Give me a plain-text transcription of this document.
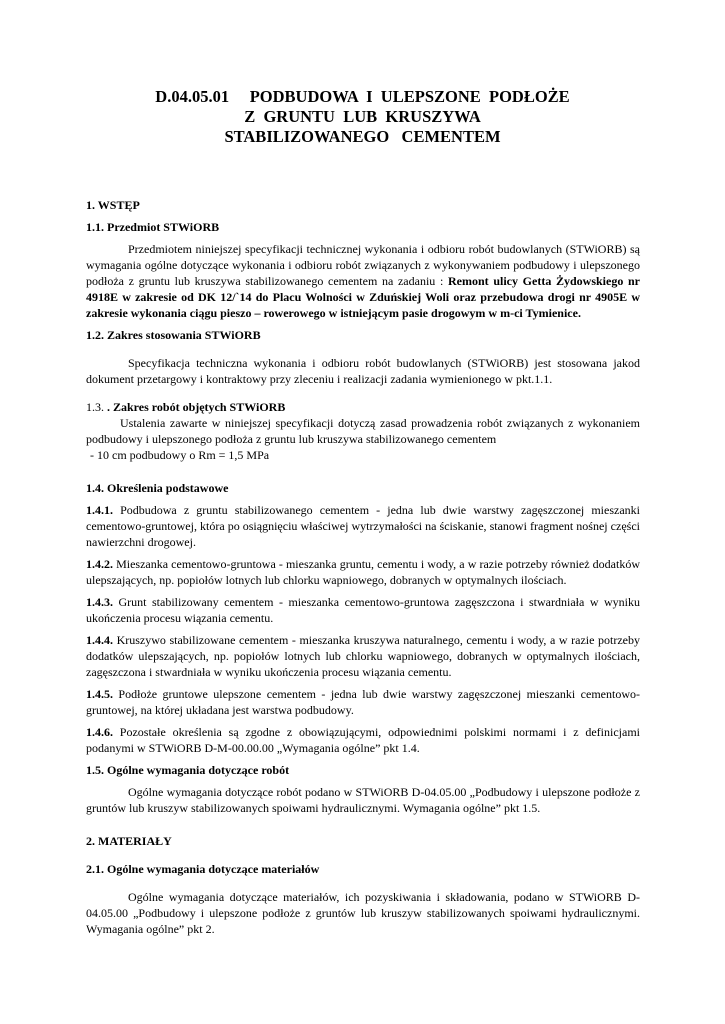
D.04.05.01     PODBUDOWA  I  ULEPSZONE  PODŁOŻE
Z  GRUNTU  LUB  KRUSZYWA
STABILIZOWANEGO   CEMENTEM

1. WSTĘP

1.1. Przedmiot STWiORB

Przedmiotem niniejszej specyfikacji technicznej wykonania i odbioru robót budowlanych (STWiORB) są wymagania ogólne dotyczące wykonania i odbioru robót związanych z wykonywaniem podbudowy i ulepszonego podłoża z gruntu lub kruszywa stabilizowanego cementem na zadaniu : Remont ulicy Getta Żydowskiego nr 4918E w zakresie od DK 12/`14 do Placu Wolności w Zduńskiej Woli oraz przebudowa drogi nr 4905E w zakresie wykonania ciągu pieszo – rowerowego w istniejącym pasie drogowym w m-ci Tymienice.

1.2. Zakres stosowania STWiORB

Specyfikacja techniczna wykonania i odbioru robót budowlanych (STWiORB) jest stosowana jakod dokument przetargowy i kontraktowy przy zleceniu i realizacji zadania wymienionego w pkt.1.1.

1.3. . Zakres robót objętych STWiORB

Ustalenia zawarte w niniejszej specyfikacji dotyczą zasad prowadzenia robót związanych z wykonaniem podbudowy i ulepszonego podłoża z gruntu lub kruszywa stabilizowanego cementem

- 10 cm podbudowy o Rm = 1,5 MPa

1.4. Określenia podstawowe

1.4.1. Podbudowa z gruntu stabilizowanego cementem - jedna lub dwie warstwy zagęszczonej mieszanki cementowo-gruntowej, która po osiągnięciu właściwej wytrzymałości na ściskanie, stanowi fragment nośnej części nawierzchni drogowej.

1.4.2. Mieszanka cementowo-gruntowa - mieszanka gruntu, cementu i wody, a w razie potrzeby również dodatków ulepszających, np. popiołów lotnych lub chlorku wapniowego, dobranych w optymalnych ilościach.

1.4.3. Grunt stabilizowany cementem - mieszanka cementowo-gruntowa zagęszczona i stwardniała w wyniku ukończenia procesu wiązania cementu.

1.4.4. Kruszywo stabilizowane cementem - mieszanka kruszywa naturalnego, cementu i wody, a w razie potrzeby dodatków ulepszających, np. popiołów lotnych lub chlorku wapniowego, dobranych w optymalnych ilościach, zagęszczona i stwardniała w wyniku ukończenia procesu wiązania cementu.

1.4.5. Podłoże gruntowe ulepszone cementem - jedna lub dwie warstwy zagęszczonej mieszanki cementowo-gruntowej, na której układana jest warstwa podbudowy.

1.4.6. Pozostałe określenia są zgodne z obowiązującymi, odpowiednimi polskimi normami i z definicjami podanymi w STWiORB D-M-00.00.00 „Wymagania ogólne” pkt 1.4.

1.5. Ogólne wymagania dotyczące robót

Ogólne wymagania dotyczące robót podano w STWiORB D-04.05.00 „Podbudowy i ulepszone podłoże z gruntów lub kruszyw stabilizowanych spoiwami hydraulicznymi. Wymagania ogólne” pkt 1.5.

2. MATERIAŁY

2.1. Ogólne wymagania dotyczące materiałów

Ogólne wymagania dotyczące materiałów, ich pozyskiwania i składowania, podano w STWiORB D-04.05.00 „Podbudowy i ulepszone podłoże z gruntów lub kruszyw stabilizowanych spoiwami hydraulicznymi. Wymagania ogólne” pkt 2.
